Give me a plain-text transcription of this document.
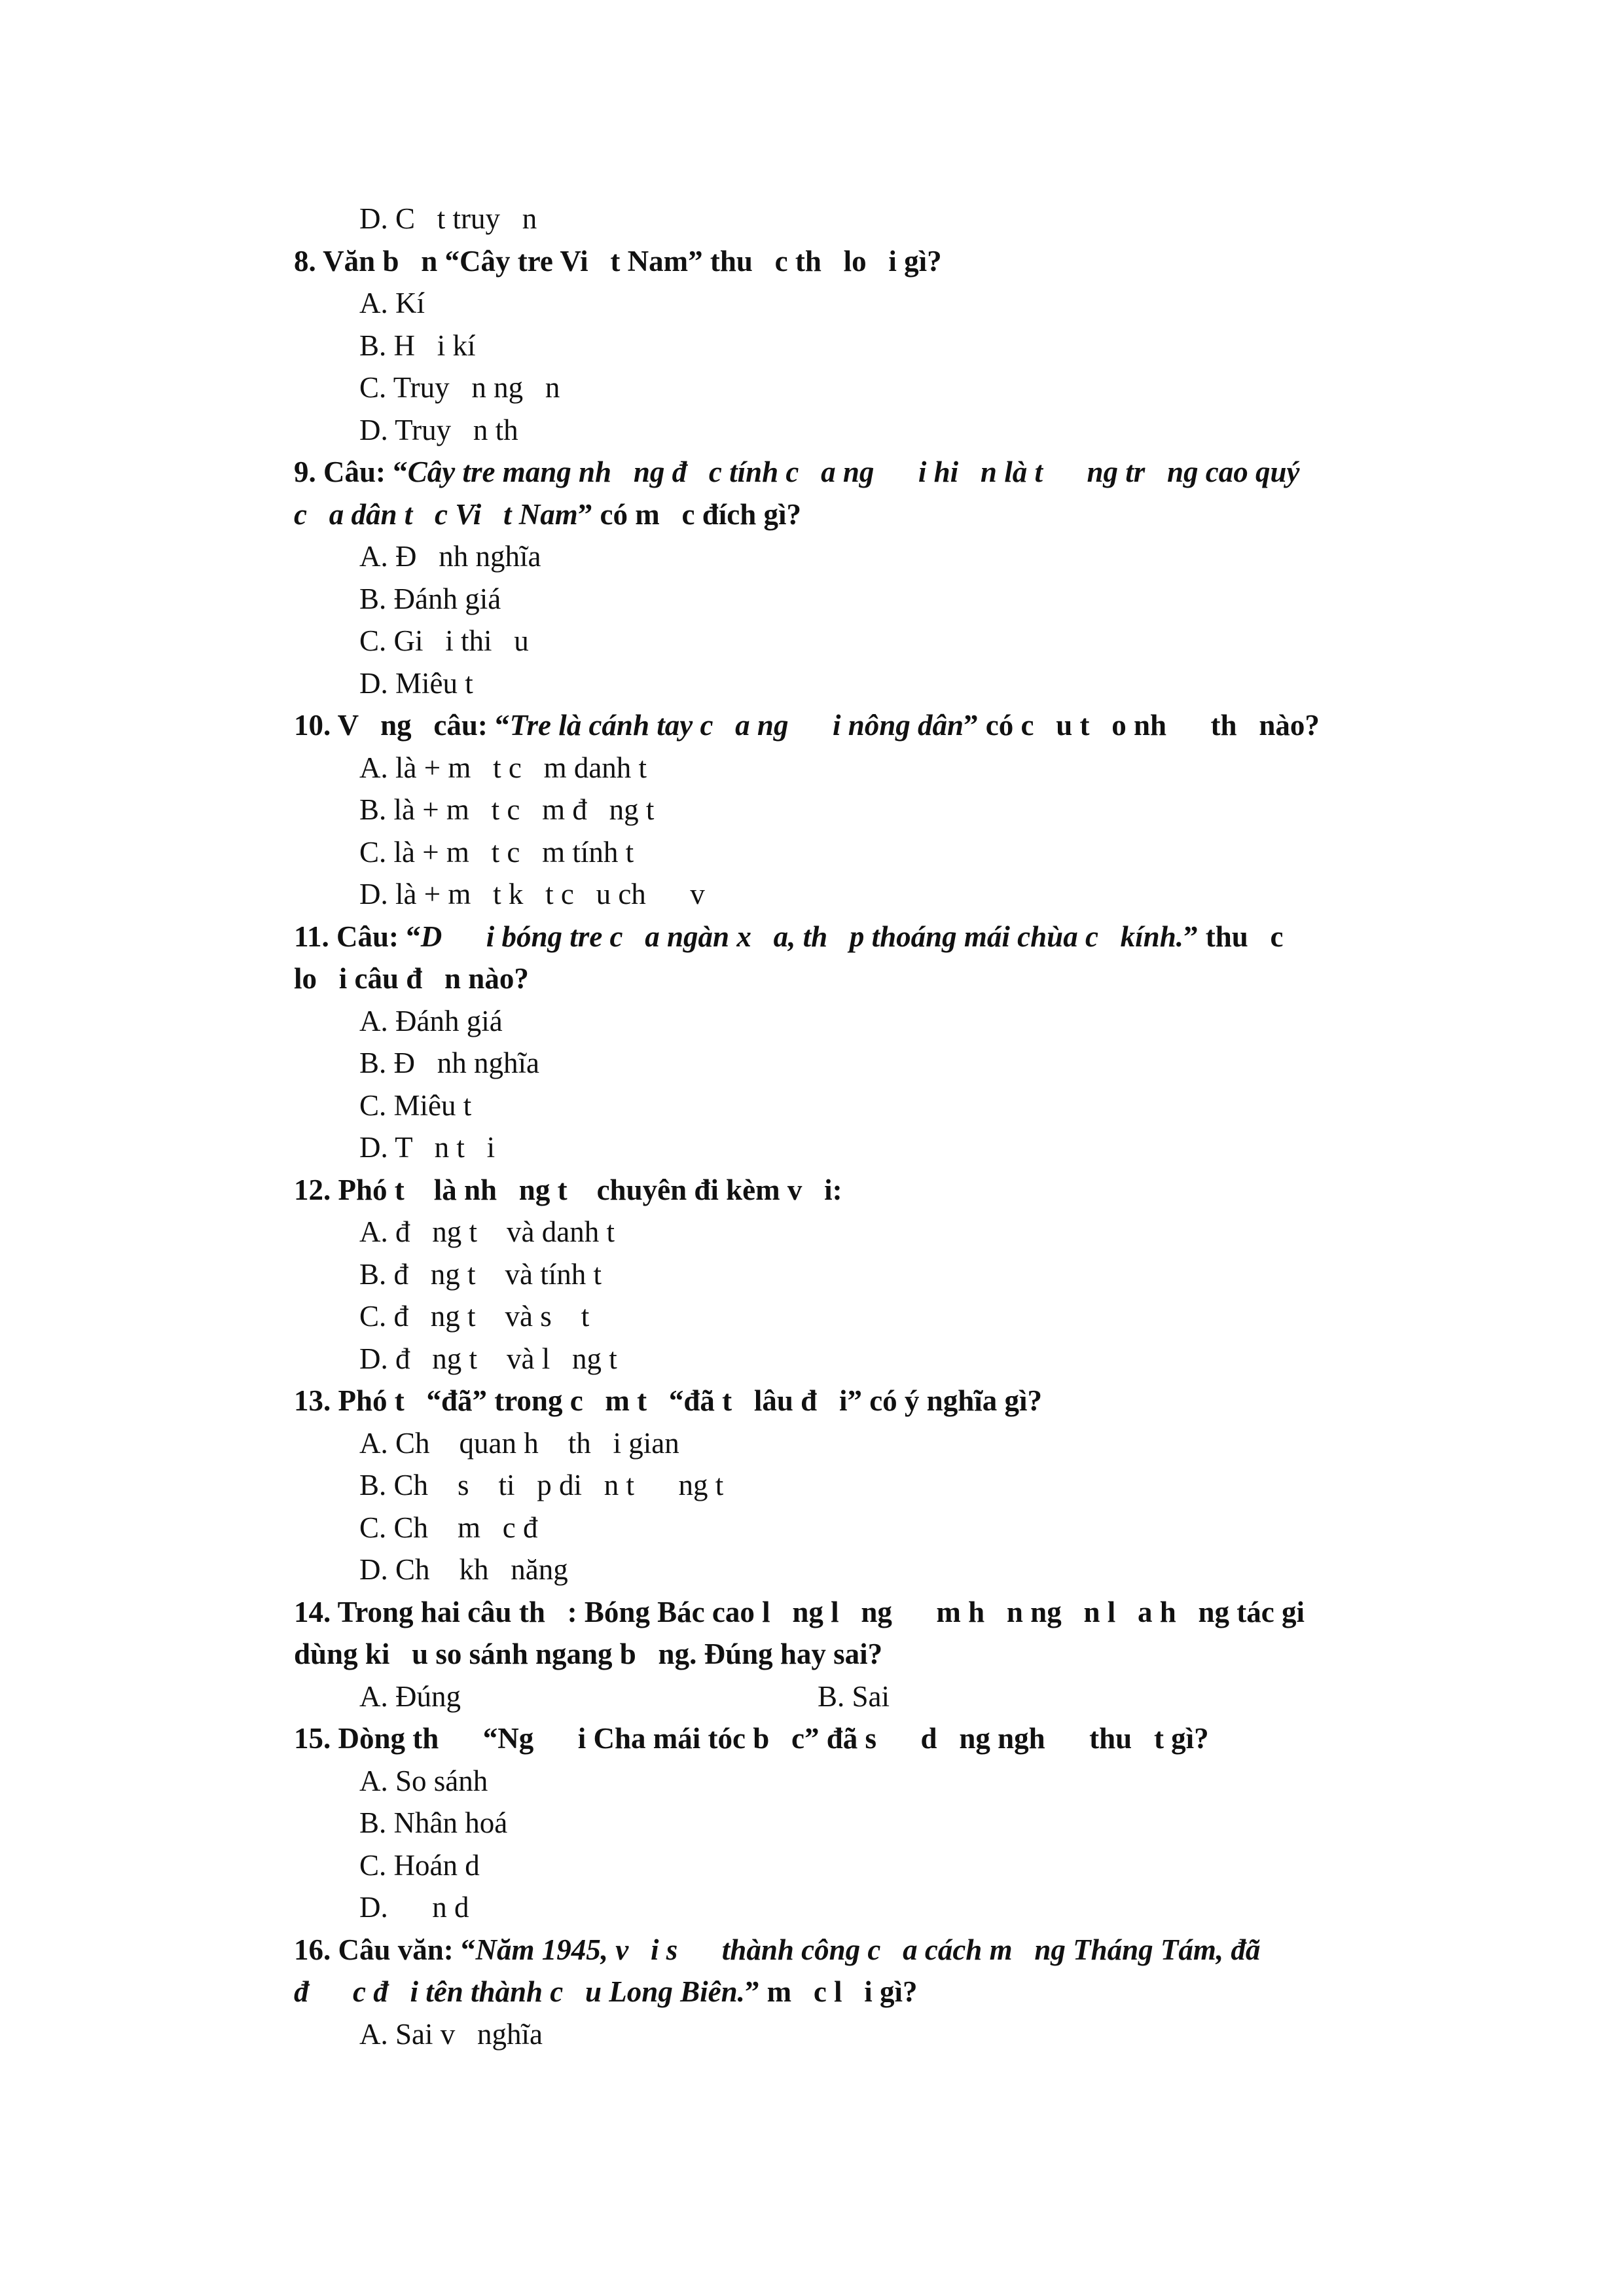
D. C   t truy   n
8. Văn b   n “Cây tre Vi   t Nam” thu   c th   lo   i gì?
A. Kí
B. H   i kí
C. Truy   n ng   n
D. Truy   n th
9. Câu: “Cây tre mang nh   ng đ   c tính c   a ng      i hi   n là t      ng tr   ng cao quý
c   a dân t   c Vi   t Nam” có m   c đích gì?
A. Đ   nh nghĩa
B. Đánh giá
C. Gi   i thi   u
D. Miêu t
10. V   ng   câu: “Tre là cánh tay c   a ng      i nông dân” có c   u t   o nh      th   nào?
A. là + m   t c   m danh t
B. là + m   t c   m đ   ng t
C. là + m   t c   m tính t
D. là + m   t k   t c   u ch      v
11. Câu: “D      i bóng tre c   a ngàn x   a, th   p thoáng mái chùa c   kính.” thu   c
lo   i câu đ   n nào?
A. Đánh giá
B. Đ   nh nghĩa
C. Miêu t
D. T   n t   i
12. Phó t    là nh   ng t    chuyên đi kèm v   i:
A. đ   ng t    và danh t
B. đ   ng t    và tính t
C. đ   ng t    và s    t
D. đ   ng t    và l   ng t
13. Phó t   “đã” trong c   m t   “đã t   lâu đ   i” có ý nghĩa gì?
A. Ch    quan h    th   i gian
B. Ch    s    ti   p di   n t      ng t
C. Ch    m   c đ
D. Ch    kh   năng
14. Trong hai câu th   : Bóng Bác cao l   ng l   ng      m h   n ng   n l   a h   ng tác gi
dùng ki   u so sánh ngang b   ng. Đúng hay sai?
A. Đúng	B. Sai
15. Dòng th      “Ng      i Cha mái tóc b   c” đã s      d   ng ngh      thu   t gì?
A. So sánh
B. Nhân hoá
C. Hoán d
D.      n d
16. Câu văn: “Năm 1945, v   i s      thành công c   a cách m   ng Tháng Tám, đã
đ      c đ   i tên thành c   u Long Biên.” m   c l   i gì?
A. Sai v   nghĩa
